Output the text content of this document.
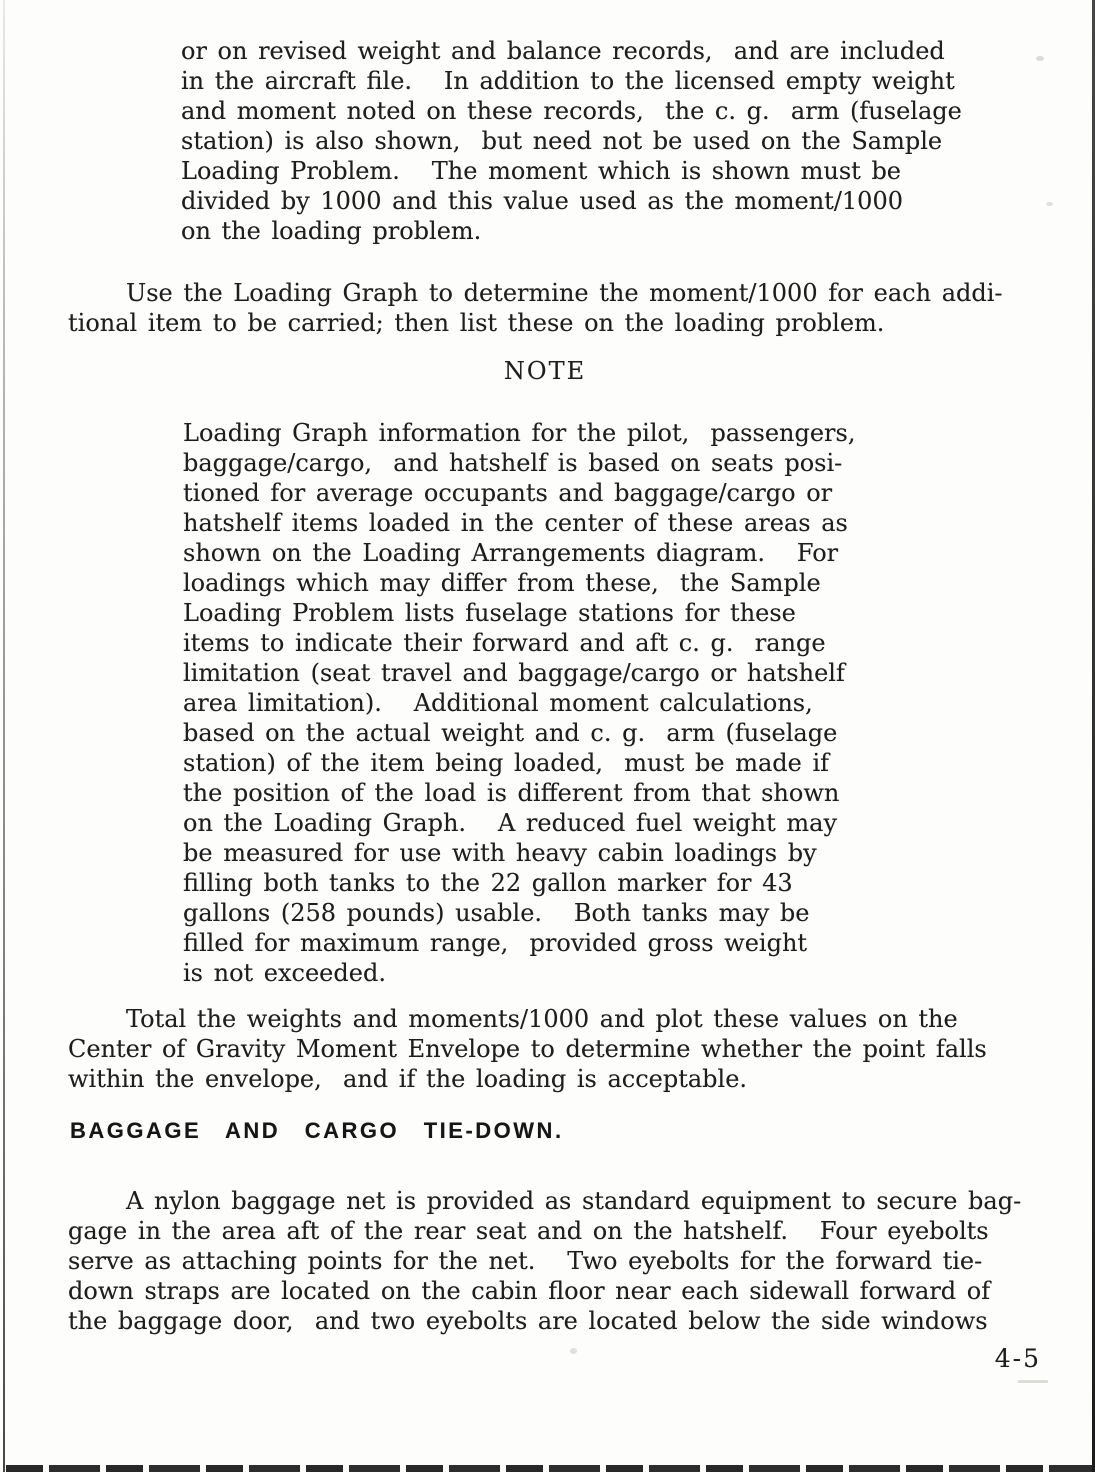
or on revised weight and balance records,  and are included
in the aircraft file.   In addition to the licensed empty weight
and moment noted on these records,  the c. g.  arm (fuselage
station) is also shown,  but need not be used on the Sample
Loading Problem.   The moment which is shown must be
divided by 1000 and this value used as the moment/1000
on the loading problem.
Use the Loading Graph to determine the moment/1000 for each addi-
tional item to be carried; then list these on the loading problem.
NOTE
Loading Graph information for the pilot,  passengers,
baggage/cargo,  and hatshelf is based on seats posi-
tioned for average occupants and baggage/cargo or
hatshelf items loaded in the center of these areas as
shown on the Loading Arrangements diagram.   For
loadings which may differ from these,  the Sample
Loading Problem lists fuselage stations for these
items to indicate their forward and aft c. g.  range
limitation (seat travel and baggage/cargo or hatshelf
area limitation).   Additional moment calculations,
based on the actual weight and c. g.  arm (fuselage
station) of the item being loaded,  must be made if
the position of the load is different from that shown
on the Loading Graph.   A reduced fuel weight may
be measured for use with heavy cabin loadings by
filling both tanks to the 22 gallon marker for 43
gallons (258 pounds) usable.   Both tanks may be
filled for maximum range,  provided gross weight
is not exceeded.
Total the weights and moments/1000 and plot these values on the
Center of Gravity Moment Envelope to determine whether the point falls
within the envelope,  and if the loading is acceptable.
BAGGAGE AND CARGO TIE-DOWN.
A nylon baggage net is provided as standard equipment to secure bag-
gage in the area aft of the rear seat and on the hatshelf.   Four eyebolts
serve as attaching points for the net.   Two eyebolts for the forward tie-
down straps are located on the cabin floor near each sidewall forward of
the baggage door,  and two eyebolts are located below the side windows
4-5
